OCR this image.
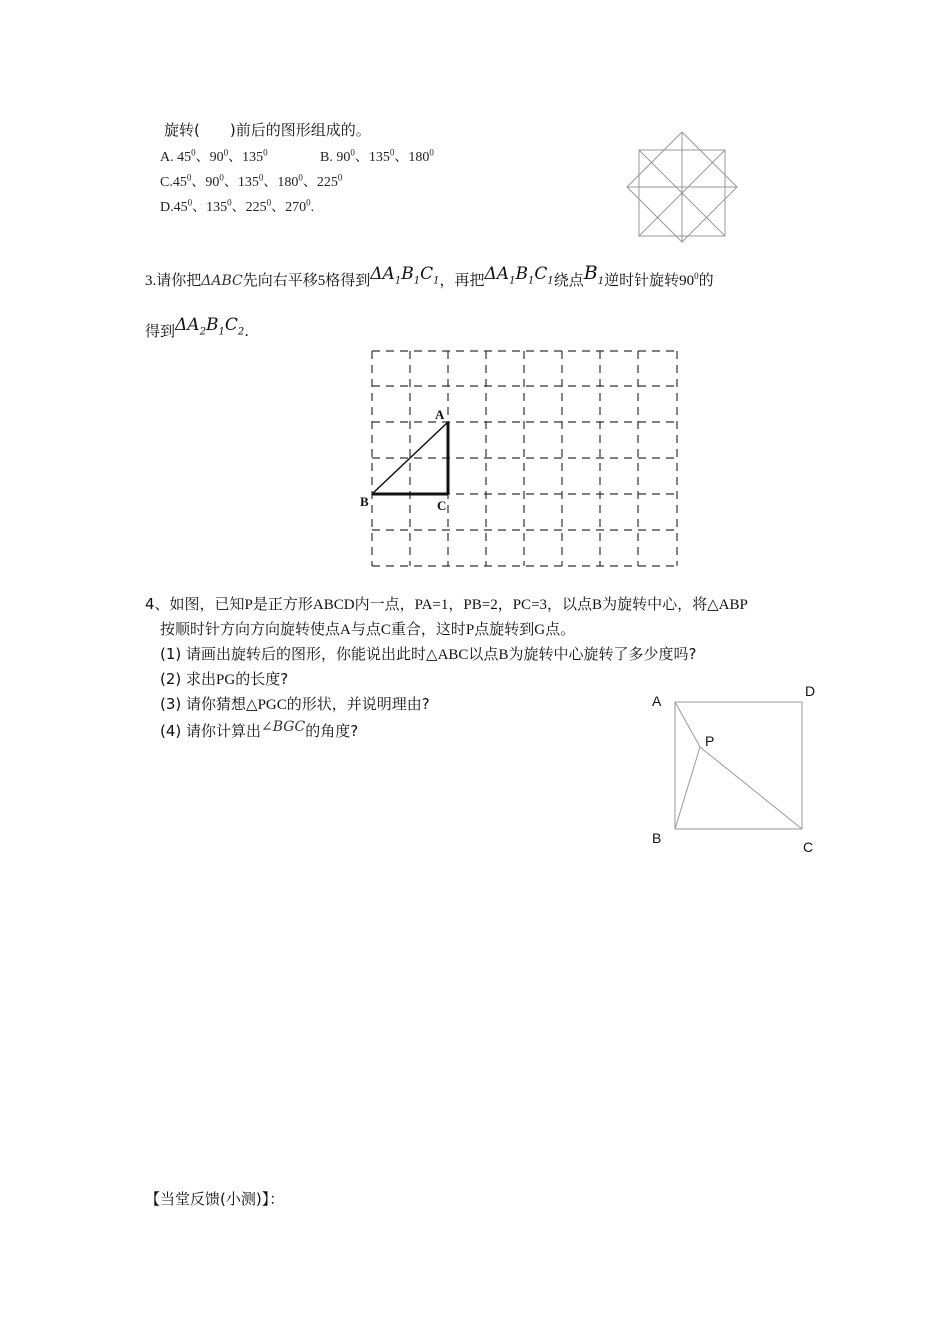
旋转(　　)前后的图形组成的。
A. $45^0$、$90^0$、$135^0$	B. $90^0$、$135^0$、$180^0$
$C.45^0$、$90^0$、$135^0$、$180^0$、$225^0$
$D.45^0$、$135^0$、$225^0$、$270^0$.
3.请你把ΔABC先向右平移5格得到$\Delta A_1B_1C_1$，再把$\Delta A_1B_1C_1$绕点$B_1$逆时针旋转$90^0$的
得到$\Delta A_2B_1C_2$.
A
B	C
4、如图，已知P是正方形ABCD内一点，PA=1，PB=2，PC=3，以点B为旋转中心，将△ABP
按顺时针方向方向旋转使点A与点C重合，这时P点旋转到G点。
(1) 请画出旋转后的图形，你能说出此时△ABC以点B为旋转中心旋转了多少度吗?
(2) 求出PG的长度?
(3) 请你猜想△PGC的形状，并说明理由?
(4) 请你计算出∠BGC的角度?
A
D
P
B
C
【当堂反馈(小测)】：
